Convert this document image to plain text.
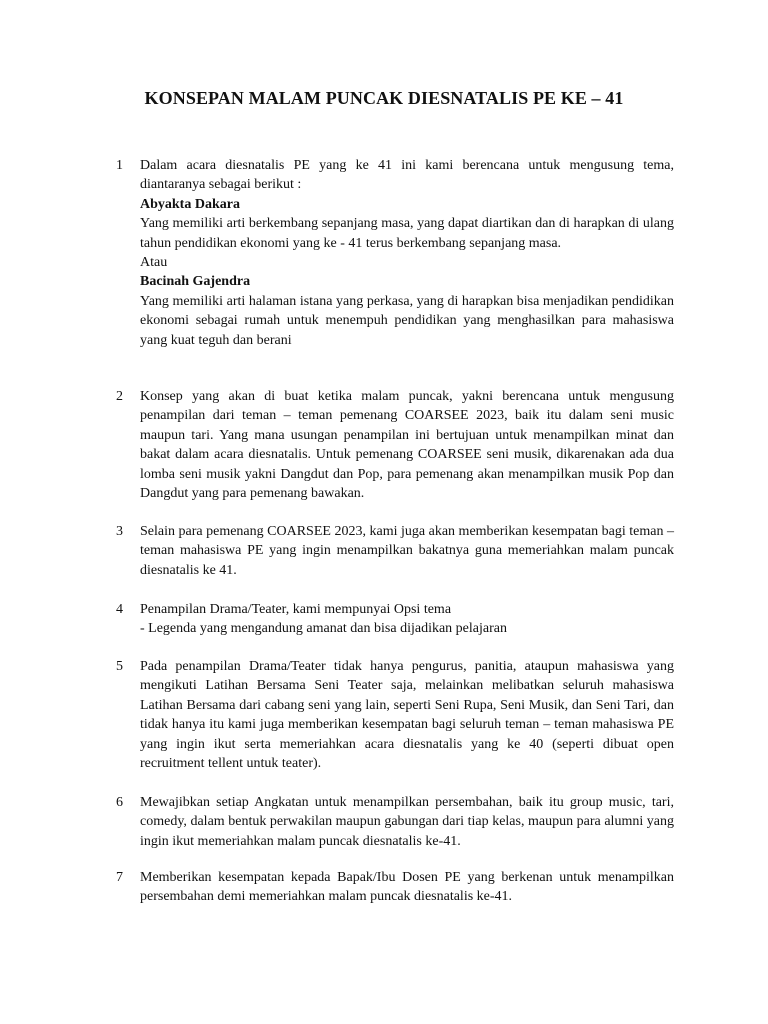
KONSEPAN MALAM PUNCAK DIESNATALIS PE KE – 41
1	Dalam acara diesnatalis PE yang ke 41 ini kami berencana untuk mengusung tema, diantaranya sebagai berikut :

Abyakta Dakara

Yang memiliki arti berkembang sepanjang masa, yang dapat diartikan dan di harapkan di ulang tahun pendidikan ekonomi yang ke - 41 terus berkembang sepanjang masa.

Atau

Bacinah Gajendra

Yang memiliki arti halaman istana yang perkasa, yang di harapkan bisa menjadikan pendidikan ekonomi sebagai rumah untuk menempuh pendidikan yang menghasilkan para mahasiswa yang kuat teguh dan berani

2	Konsep yang akan di buat ketika malam puncak, yakni berencana untuk mengusung penampilan dari teman – teman pemenang COARSEE 2023, baik itu dalam seni music maupun tari. Yang mana usungan penampilan ini bertujuan untuk menampilkan minat dan bakat dalam acara diesnatalis. Untuk pemenang COARSEE seni musik, dikarenakan ada dua lomba seni musik yakni Dangdut dan Pop, para pemenang akan menampilkan musik Pop dan Dangdut yang para pemenang bawakan.

3	Selain para pemenang COARSEE 2023, kami juga akan memberikan kesempatan bagi teman – teman mahasiswa PE yang ingin menampilkan bakatnya guna memeriahkan malam puncak diesnatalis ke 41.

4	Penampilan Drama/Teater, kami mempunyai Opsi tema

- Legenda yang mengandung amanat dan bisa dijadikan pelajaran

5	Pada penampilan Drama/Teater tidak hanya pengurus, panitia, ataupun mahasiswa yang mengikuti Latihan Bersama Seni Teater saja, melainkan melibatkan seluruh mahasiswa Latihan Bersama dari cabang seni yang lain, seperti Seni Rupa, Seni Musik, dan Seni Tari, dan tidak hanya itu kami juga memberikan kesempatan bagi seluruh teman – teman mahasiswa PE yang ingin ikut serta memeriahkan acara diesnatalis yang ke 40 (seperti dibuat open recruitment tellent untuk teater).

6	Mewajibkan setiap Angkatan untuk menampilkan persembahan, baik itu group music, tari, comedy, dalam bentuk perwakilan maupun gabungan dari tiap kelas, maupun para alumni yang ingin ikut memeriahkan malam puncak diesnatalis ke-41.

7	Memberikan kesempatan kepada Bapak/Ibu Dosen PE yang berkenan untuk menampilkan persembahan demi memeriahkan malam puncak diesnatalis ke-41.
